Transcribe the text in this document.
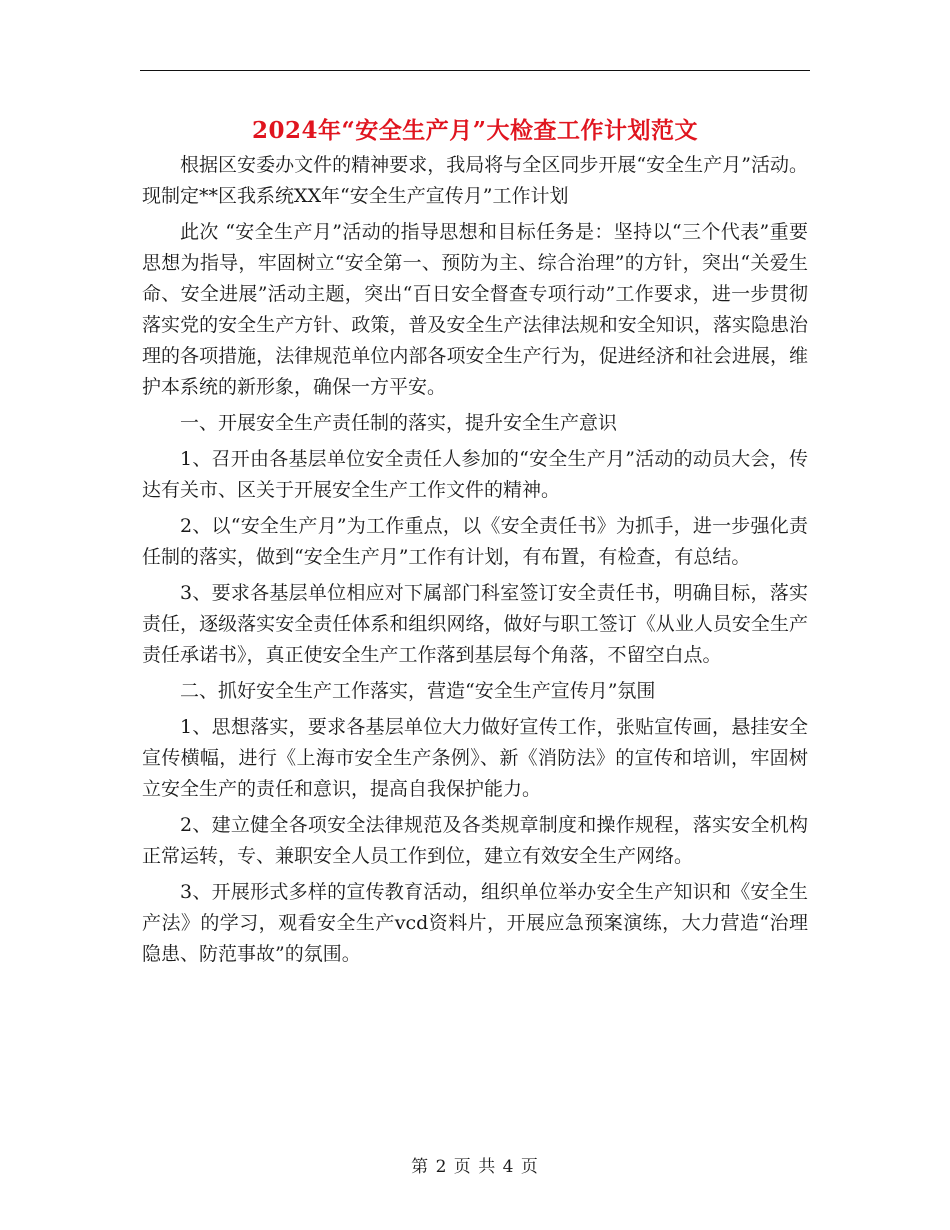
2024年“安全生产月”大检查工作计划范文

根据区安委办文件的精神要求，我局将与全区同步开展“安全生产月”活动。现制定**区我系统XX年“安全生产宣传月”工作计划

此次 “安全生产月”活动的指导思想和目标任务是：坚持以“三个代表”重要思想为指导，牢固树立“安全第一、预防为主、综合治理”的方针，突出“关爱生命、安全进展”活动主题，突出“百日安全督查专项行动”工作要求，进一步贯彻落实党的安全生产方针、政策，普及安全生产法律法规和安全知识，落实隐患治理的各项措施，法律规范单位内部各项安全生产行为，促进经济和社会进展，维护本系统的新形象，确保一方平安。

一、开展安全生产责任制的落实，提升安全生产意识

1、召开由各基层单位安全责任人参加的“安全生产月”活动的动员大会，传达有关市、区关于开展安全生产工作文件的精神。

2、以“安全生产月”为工作重点，以《安全责任书》为抓手，进一步强化责任制的落实，做到“安全生产月”工作有计划，有布置，有检查，有总结。

3、要求各基层单位相应对下属部门科室签订安全责任书，明确目标，落实责任，逐级落实安全责任体系和组织网络，做好与职工签订《从业人员安全生产责任承诺书》，真正使安全生产工作落到基层每个角落，不留空白点。

二、抓好安全生产工作落实，营造“安全生产宣传月”氛围

1、思想落实，要求各基层单位大力做好宣传工作，张贴宣传画，悬挂安全宣传横幅，进行《上海市安全生产条例》、新《消防法》的宣传和培训，牢固树立安全生产的责任和意识，提高自我保护能力。

2、建立健全各项安全法律规范及各类规章制度和操作规程，落实安全机构正常运转，专、兼职安全人员工作到位，建立有效安全生产网络。

3、开展形式多样的宣传教育活动，组织单位举办安全生产知识和《安全生产法》的学习，观看安全生产vcd资料片，开展应急预案演练，大力营造“治理隐患、防范事故”的氛围。

第 2 页 共 4 页
